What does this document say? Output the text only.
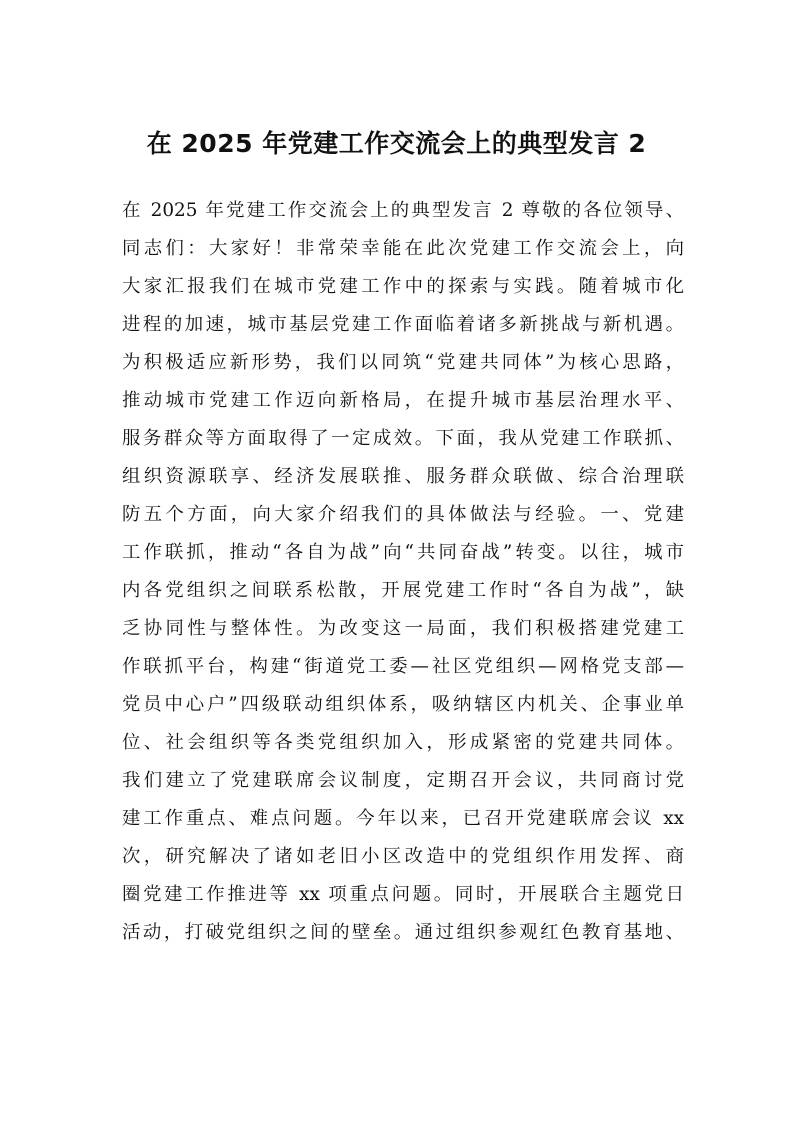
在 2025 年党建工作交流会上的典型发言 2
在 2025 年党建工作交流会上的典型发言 2 尊敬的各位领导、
同志们：大家好！非常荣幸能在此次党建工作交流会上，向
大家汇报我们在城市党建工作中的探索与实践。随着城市化
进程的加速，城市基层党建工作面临着诸多新挑战与新机遇。
为积极适应新形势，我们以同筑“党建共同体”为核心思路，
推动城市党建工作迈向新格局，在提升城市基层治理水平、
服务群众等方面取得了一定成效。下面，我从党建工作联抓、
组织资源联享、经济发展联推、服务群众联做、综合治理联
防五个方面，向大家介绍我们的具体做法与经验。一、党建
工作联抓，推动“各自为战”向“共同奋战”转变。以往，城市
内各党组织之间联系松散，开展党建工作时“各自为战”，缺
乏协同性与整体性。为改变这一局面，我们积极搭建党建工
作联抓平台，构建“街道党工委—社区党组织—网格党支部—
党员中心户”四级联动组织体系，吸纳辖区内机关、企事业单
位、社会组织等各类党组织加入，形成紧密的党建共同体。
我们建立了党建联席会议制度，定期召开会议，共同商讨党
建工作重点、难点问题。今年以来，已召开党建联席会议 xx
次，研究解决了诸如老旧小区改造中的党组织作用发挥、商
圈党建工作推进等 xx 项重点问题。同时，开展联合主题党日
活动，打破党组织之间的壁垒。通过组织参观红色教育基地、
